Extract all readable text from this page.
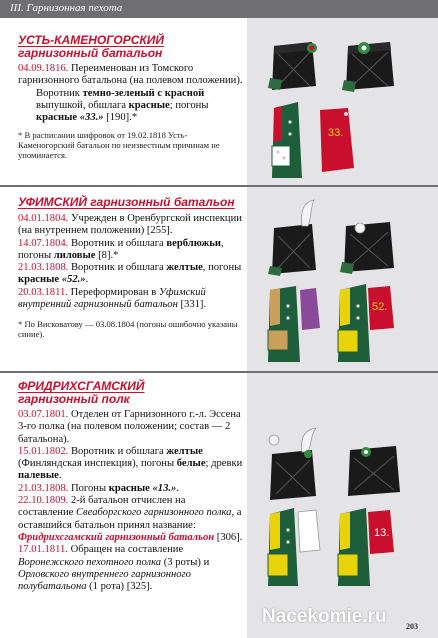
III. Гарнизонная пехота
УСТЬ-КАМЕНОГОРСКИЙ
гарнизонный батальон

04.09.1816. Переименован из Томского гарнизонного батальона (на полевом положении).

Воротник темно-зеленый с красной выпушкой, обшлага красные; погоны красные «33.» [190].*

* В расписании шифровок от 19.02.1818 Усть-Каменогорский батальон по неизвестным причинам не упоминается.

УФИМСКИЙ гарнизонный батальон

04.01.1804. Учрежден в Оренбургской инспекции (на внутреннем положении) [255].

14.07.1804. Воротник и обшлага верблюжьи, погоны лиловые [8].*

21.03.1808. Воротник и обшлага желтые, погоны красные «52.».

20.03.1811. Переформирован в Уфимский внутренний гарнизонный батальон [331].

* По Висковатову — 03.08.1804 (погоны ошибочно указаны синие).

ФРИДРИХСГАМСКИЙ
гарнизонный полк

03.07.1801. Отделен от Гарнизонного г.-л. Эссена 3-го полка (на полевом положении; состав — 2 батальона).

15.01.1802. Воротник и обшлага желтые (Финляндская инспекция), погоны белые; древки палевые.

21.03.1808. Погоны красные «13.».

22.10.1809. 2-й батальон отчислен на составление Свеаборгского гарнизонного полка, а оставшийся батальон принял название: Фридрихсгамский гарнизонный батальон [306].

17.01.1811. Обращен на составление Воронежского пехотного полка (3 роты) и Орловского внутреннего гарнизонного полубатальона (1 рота) [325].

33.
52.
13.
Nacekomie.ru 203
